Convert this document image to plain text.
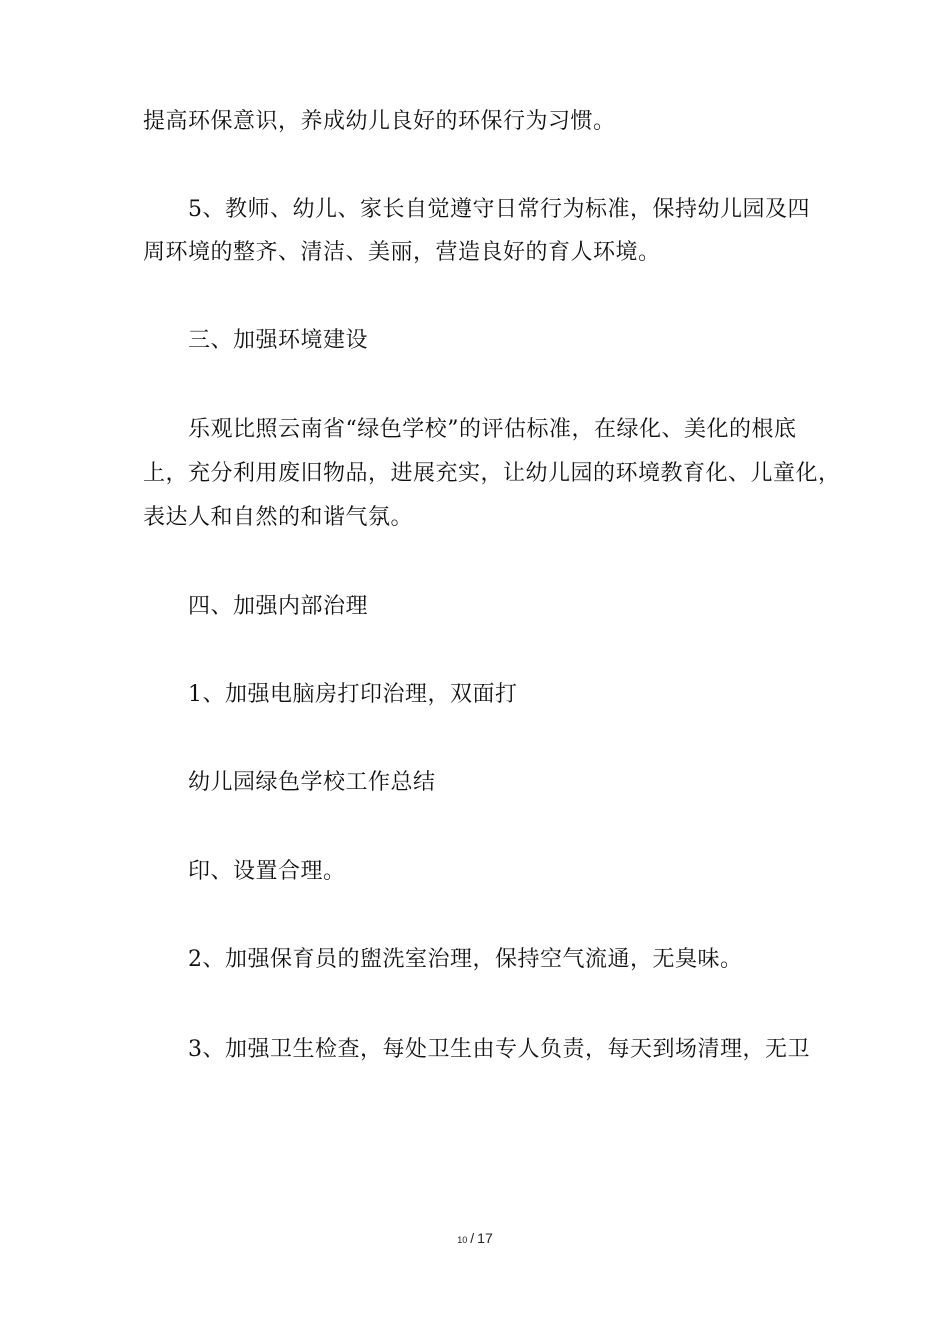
提高环保意识，养成幼儿良好的环保行为习惯。
5、教师、幼儿、家长自觉遵守日常行为标准，保持幼儿园及四
周环境的整齐、清洁、美丽，营造良好的育人环境。
三、加强环境建设
乐观比照云南省“绿色学校”的评估标准，在绿化、美化的根底
上，充分利用废旧物品，进展充实，让幼儿园的环境教育化、儿童化，
表达人和自然的和谐气氛。
四、加强内部治理
1、加强电脑房打印治理，双面打
幼儿园绿色学校工作总结
印、设置合理。
2、加强保育员的盥洗室治理，保持空气流通，无臭味。
3、加强卫生检查，每处卫生由专人负责，每天到场清理，无卫
10 / 17
